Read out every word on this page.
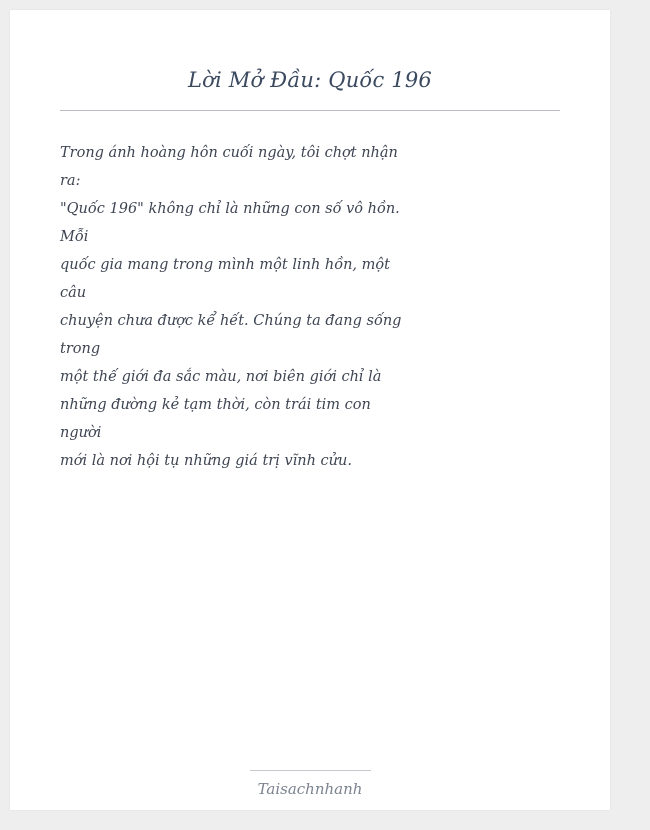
Lời Mở Đầu: Quốc 196
Trong ánh hoàng hôn cuối ngày, tôi chợt nhận
ra:
"Quốc 196" không chỉ là những con số vô hồn.
Mỗi
quốc gia mang trong mình một linh hồn, một
câu
chuyện chưa được kể hết. Chúng ta đang sống
trong
một thế giới đa sắc màu, nơi biên giới chỉ là
những đường kẻ tạm thời, còn trái tim con
người
mới là nơi hội tụ những giá trị vĩnh cửu.
Taisachnhanh
